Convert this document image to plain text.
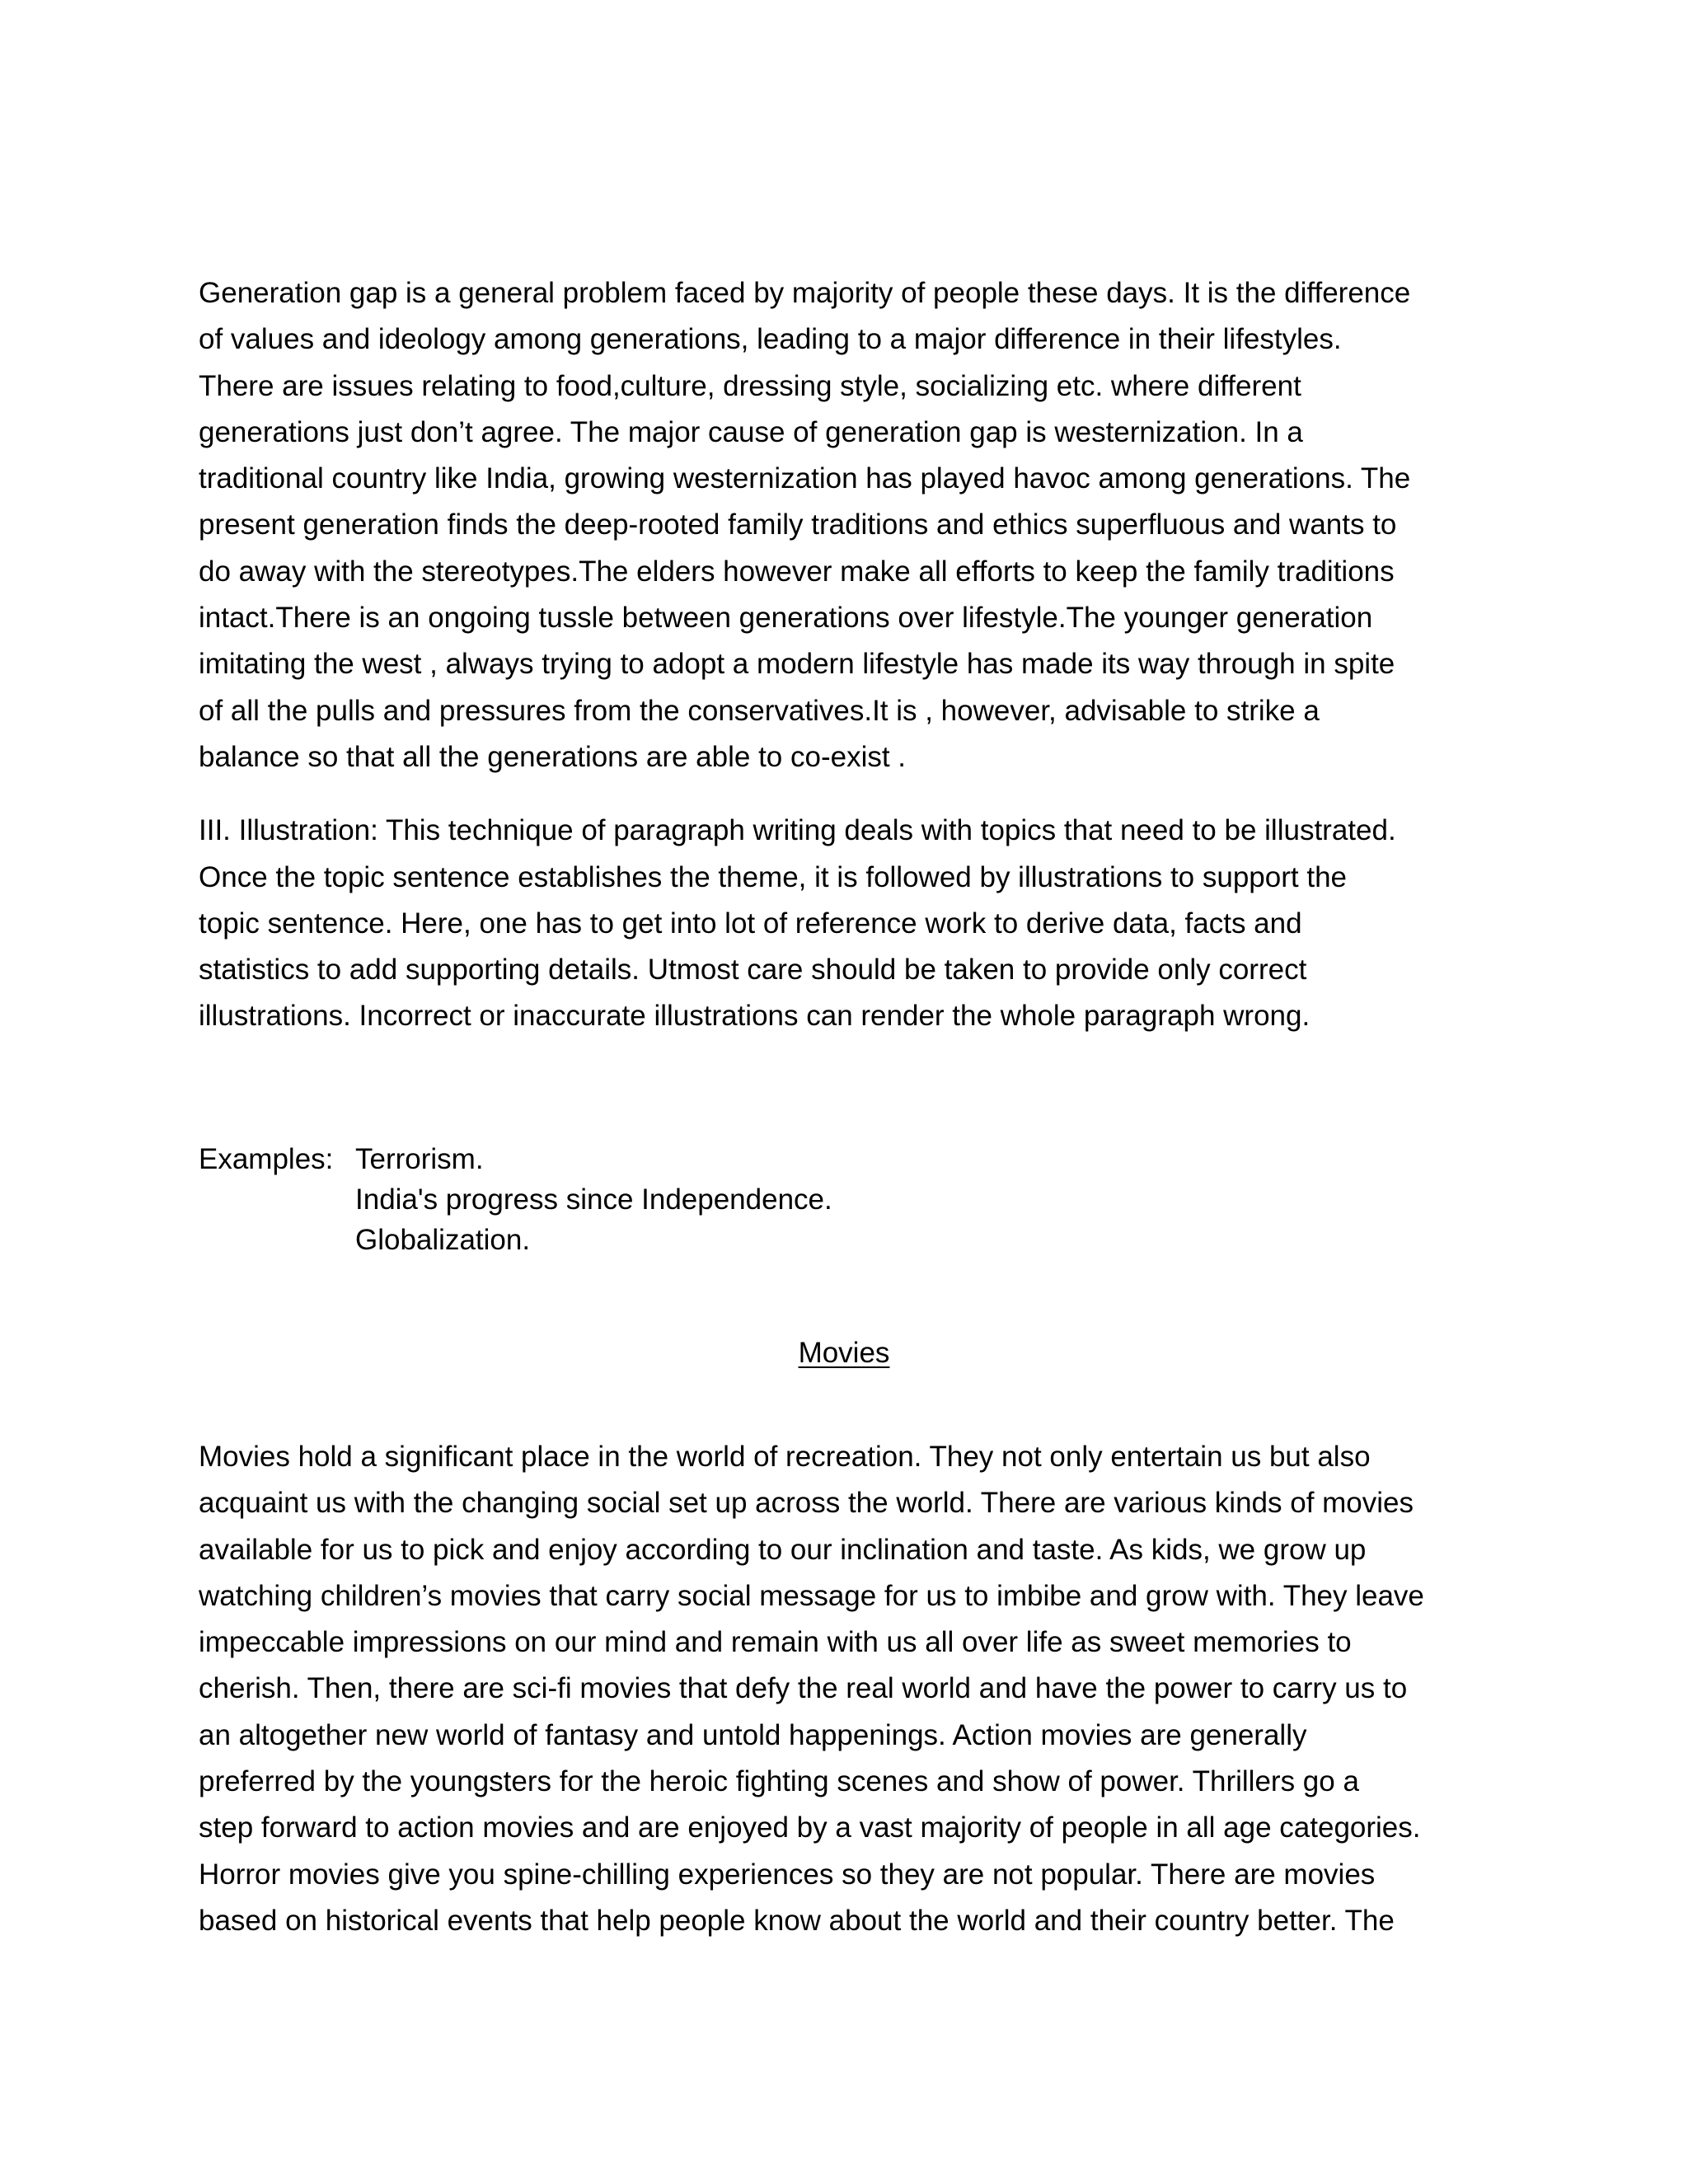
Generation gap is a general problem faced by majority of people these days. It is the difference
of values and ideology among generations, leading to a major difference in their lifestyles.
There are issues relating to food,culture, dressing style, socializing etc. where different
generations just don’t agree. The major cause of generation gap is westernization. In a
traditional country like India, growing westernization has played havoc among generations. The
present generation finds the deep-rooted family traditions and ethics superfluous and wants to
do away with the stereotypes.The elders however make all efforts to keep the family traditions
intact.There is an ongoing tussle between generations over lifestyle.The younger generation
imitating the west , always trying to adopt a modern lifestyle has made its way through in spite
of all the pulls and pressures from the conservatives.It is , however, advisable to strike a
balance so that all the generations are able to co-exist .

III. Illustration: This technique of paragraph writing deals with topics that need to be illustrated.
Once the topic sentence establishes the theme, it is followed by illustrations to support the
topic sentence. Here, one has to get into lot of reference work to derive data, facts and
statistics to add supporting details. Utmost care should be taken to provide only correct
illustrations. Incorrect or inaccurate illustrations can render the whole paragraph wrong.

Examples: Terrorism.
India's progress since Independence.
Globalization.
Movies

Movies hold a significant place in the world of recreation. They not only entertain us but also
acquaint us with the changing social set up across the world. There are various kinds of movies
available for us to pick and enjoy according to our inclination and taste. As kids, we grow up
watching children’s movies that carry social message for us to imbibe and grow with. They leave
impeccable impressions on our mind and remain with us all over life as sweet memories to
cherish. Then, there are sci-fi movies that defy the real world and have the power to carry us to
an altogether new world of fantasy and untold happenings. Action movies are generally
preferred by the youngsters for the heroic fighting scenes and show of power. Thrillers go a
step forward to action movies and are enjoyed by a vast majority of people in all age categories.
Horror movies give you spine-chilling experiences so they are not popular. There are movies
based on historical events that help people know about the world and their country better. The
